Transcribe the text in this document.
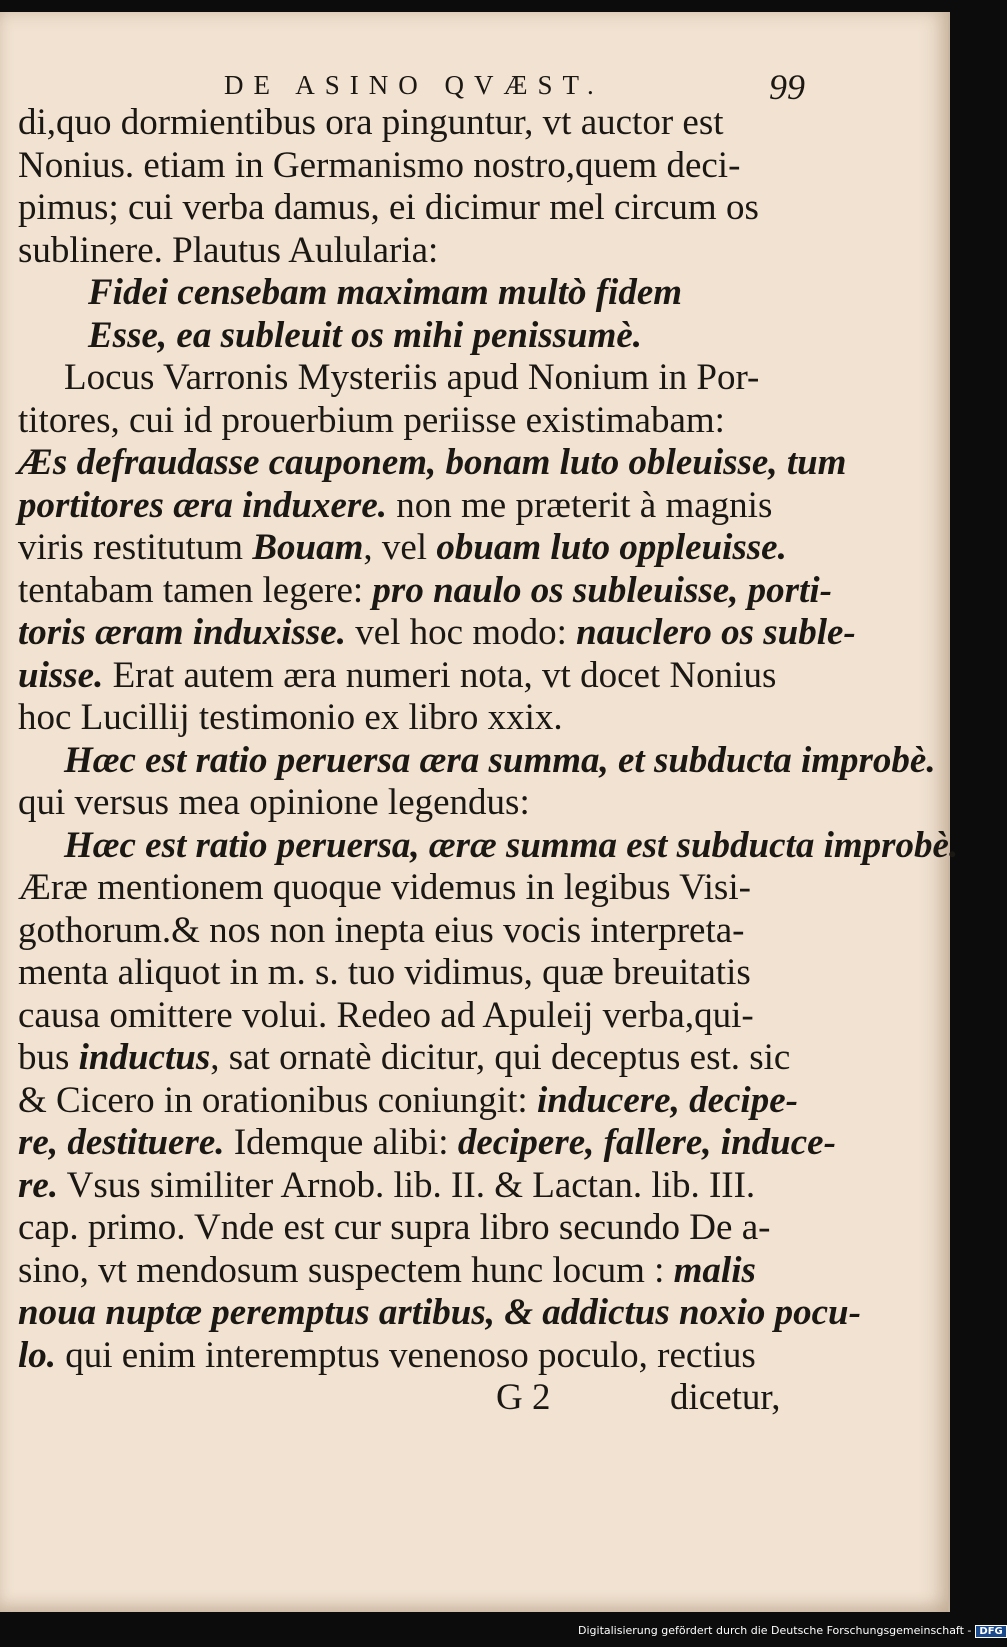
DE ASINO QVÆST.	99
di,quo dormientibus ora pinguntur, vt auctor est
Nonius. etiam in Germanismo nostro,quem deci-
pimus; cui verba damus, ei dicimur mel circum os
sublinere. Plautus Aulularia:
Fidei censebam maximam multò fidem
Esse, ea subleuit os mihi penissumè.
Locus Varronis Mysteriis apud Nonium in Por-
titores, cui id prouerbium periisse existimabam:
Æs defraudasse cauponem, bonam luto obleuisse, tum
portitores æra induxere. non me præterit à magnis
viris restitutum Bouam, vel obuam luto oppleuisse.
tentabam tamen legere: pro naulo os subleuisse, porti-
toris æram induxisse. vel hoc modo: nauclero os suble-
uisse. Erat autem æra numeri nota, vt docet Nonius
hoc Lucillij testimonio ex libro xxix.
Hæc est ratio peruersa æra summa, et subducta improbè.
qui versus mea opinione legendus:
Hæc est ratio peruersa, æræ summa est subducta improbè.
Æræ mentionem quoque videmus in legibus Visi-
gothorum.& nos non inepta eius vocis interpreta-
menta aliquot in m. s. tuo vidimus, quæ breuitatis
causa omittere volui. Redeo ad Apuleij verba,qui-
bus inductus, sat ornatè dicitur, qui deceptus est. sic
& Cicero in orationibus coniungit: inducere, decipe-
re, destituere. Idemque alibi: decipere, fallere, induce-
re. Vsus similiter Arnob. lib. II. & Lactan. lib. III.
cap. primo. Vnde est cur supra libro secundo De a-
sino, vt mendosum suspectem hunc locum : malis
noua nuptæ peremptus artibus, & addictus noxio pocu-
lo. qui enim interemptus venenoso poculo, rectius
G 2	dicetur,
Digitalisierung gefördert durch die Deutsche Forschungsgemeinschaft - DFG
